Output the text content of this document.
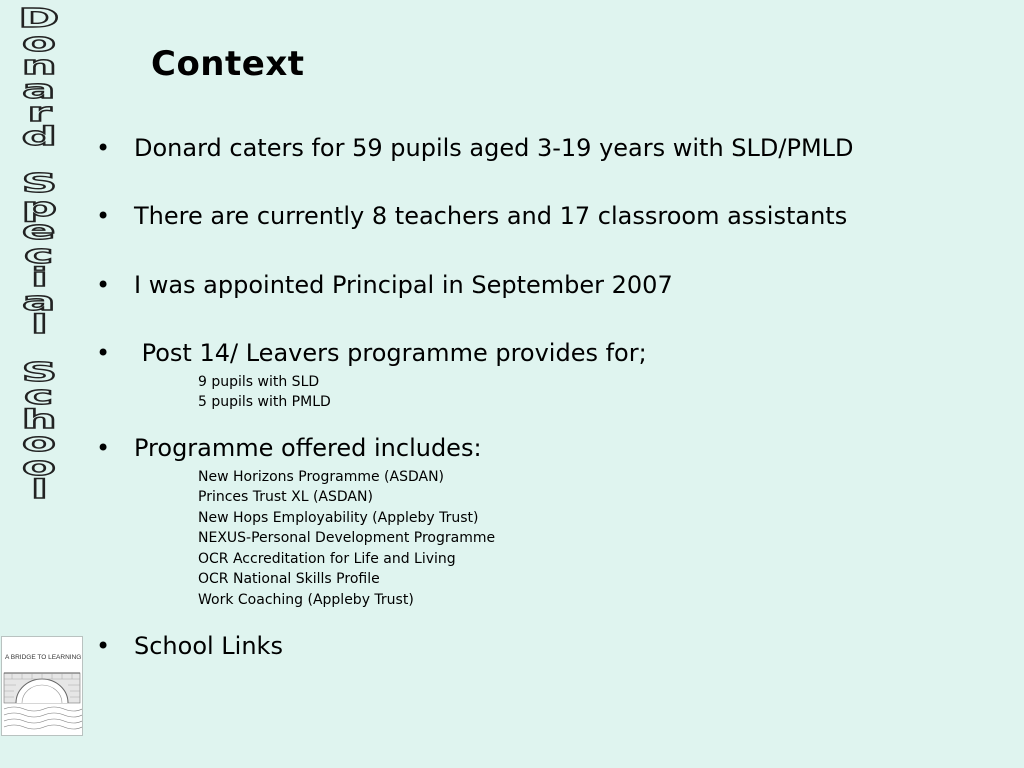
D
o
n
a
r
d
S
p
e
c
i
a
l
S
c
h
o
o
l
Context
• Donard caters for 59 pupils aged 3-19 years with SLD/PMLD
• There are currently 8 teachers and 17 classroom assistants
• I was appointed Principal in September 2007
• Post 14/ Leavers programme provides for;
9 pupils with SLD
5 pupils with PMLD
• Programme offered includes:
New Horizons Programme (ASDAN)
Princes Trust XL (ASDAN)
New Hops Employability (Appleby Trust)
NEXUS-Personal Development Programme
OCR Accreditation for Life and Living
OCR National Skills Profile
Work Coaching (Appleby Trust)
• School Links
A BRIDGE TO LEARNING
